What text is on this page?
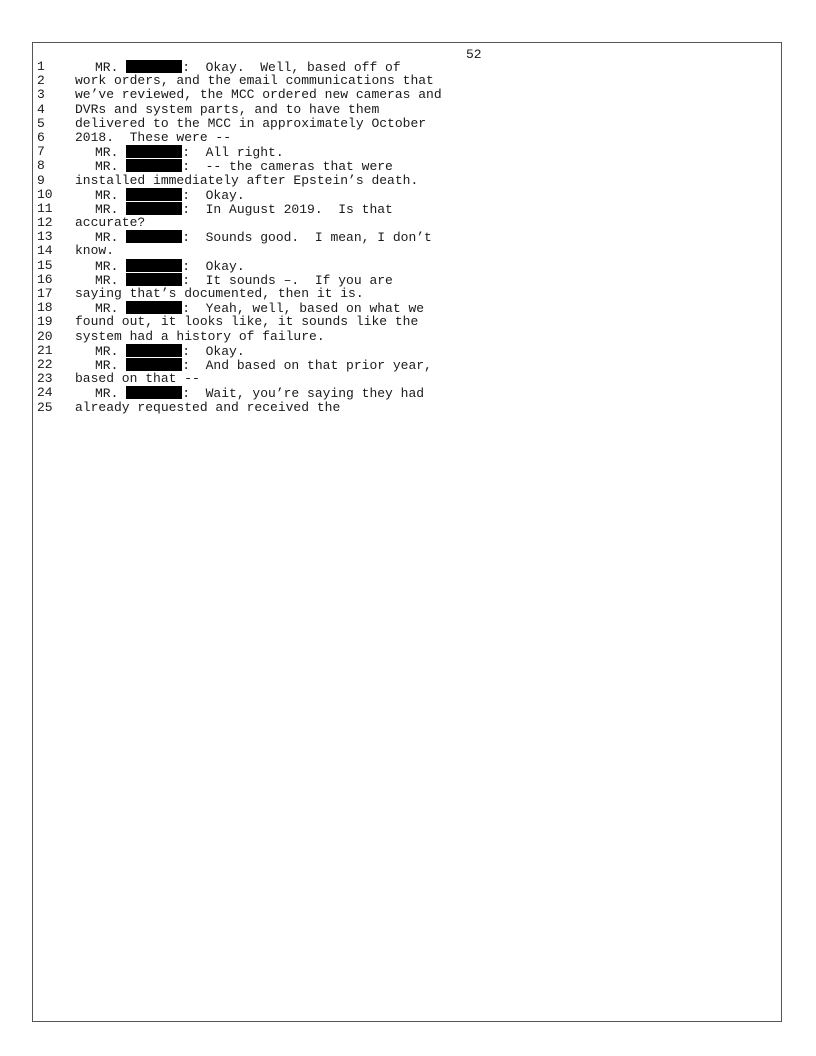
52
1	MR.	:  Okay.  Well, based off of
2	work orders, and the email communications that
3	we’ve reviewed, the MCC ordered new cameras and
4	DVRs and system parts, and to have them
5	delivered to the MCC in approximately October
6	2018.  These were --
7	MR.	:  All right.
8	MR.	:  -- the cameras that were
9	installed immediately after Epstein’s death.
10	MR.	:  Okay.
11	MR.	:  In August 2019.  Is that
12	accurate?
13	MR.	:  Sounds good.  I mean, I don’t
14	know.
15	MR.	:  Okay.
16	MR.	:  It sounds –.  If you are
17	saying that’s documented, then it is.
18	MR.	:  Yeah, well, based on what we
19	found out, it looks like, it sounds like the
20	system had a history of failure.
21	MR.	:  Okay.
22	MR.	:  And based on that prior year,
23	based on that --
24	MR.	:  Wait, you’re saying they had
25	already requested and received the
